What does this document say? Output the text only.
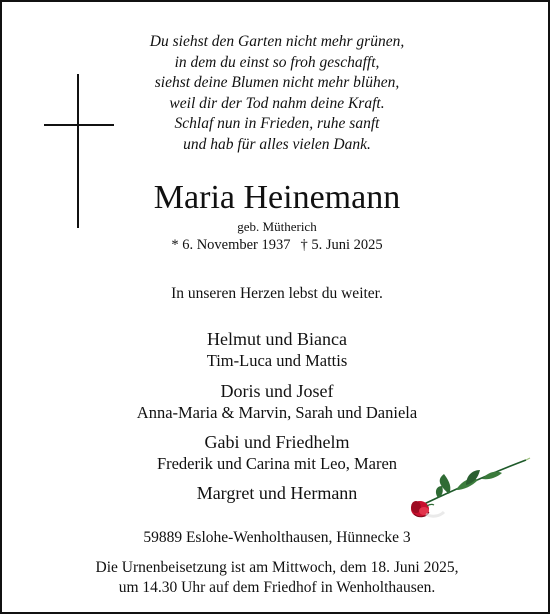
Du siehst den Garten nicht mehr grünen,
in dem du einst so froh geschafft,
siehst deine Blumen nicht mehr blühen,
weil dir der Tod nahm deine Kraft.
Schlaf nun in Frieden, ruhe sanft
und hab für alles vielen Dank.
Maria Heinemann
geb. Mütherich
* 6. November 1937 † 5. Juni 2025
In unseren Herzen lebst du weiter.
Helmut und Bianca
Tim-Luca und Mattis
Doris und Josef
Anna-Maria & Marvin, Sarah und Daniela
Gabi und Friedhelm
Frederik und Carina mit Leo, Maren
Margret und Hermann
59889 Eslohe-Wenholthausen, Hünnecke 3
Die Urnenbeisetzung ist am Mittwoch, dem 18. Juni 2025,
um 14.30 Uhr auf dem Friedhof in Wenholthausen.
